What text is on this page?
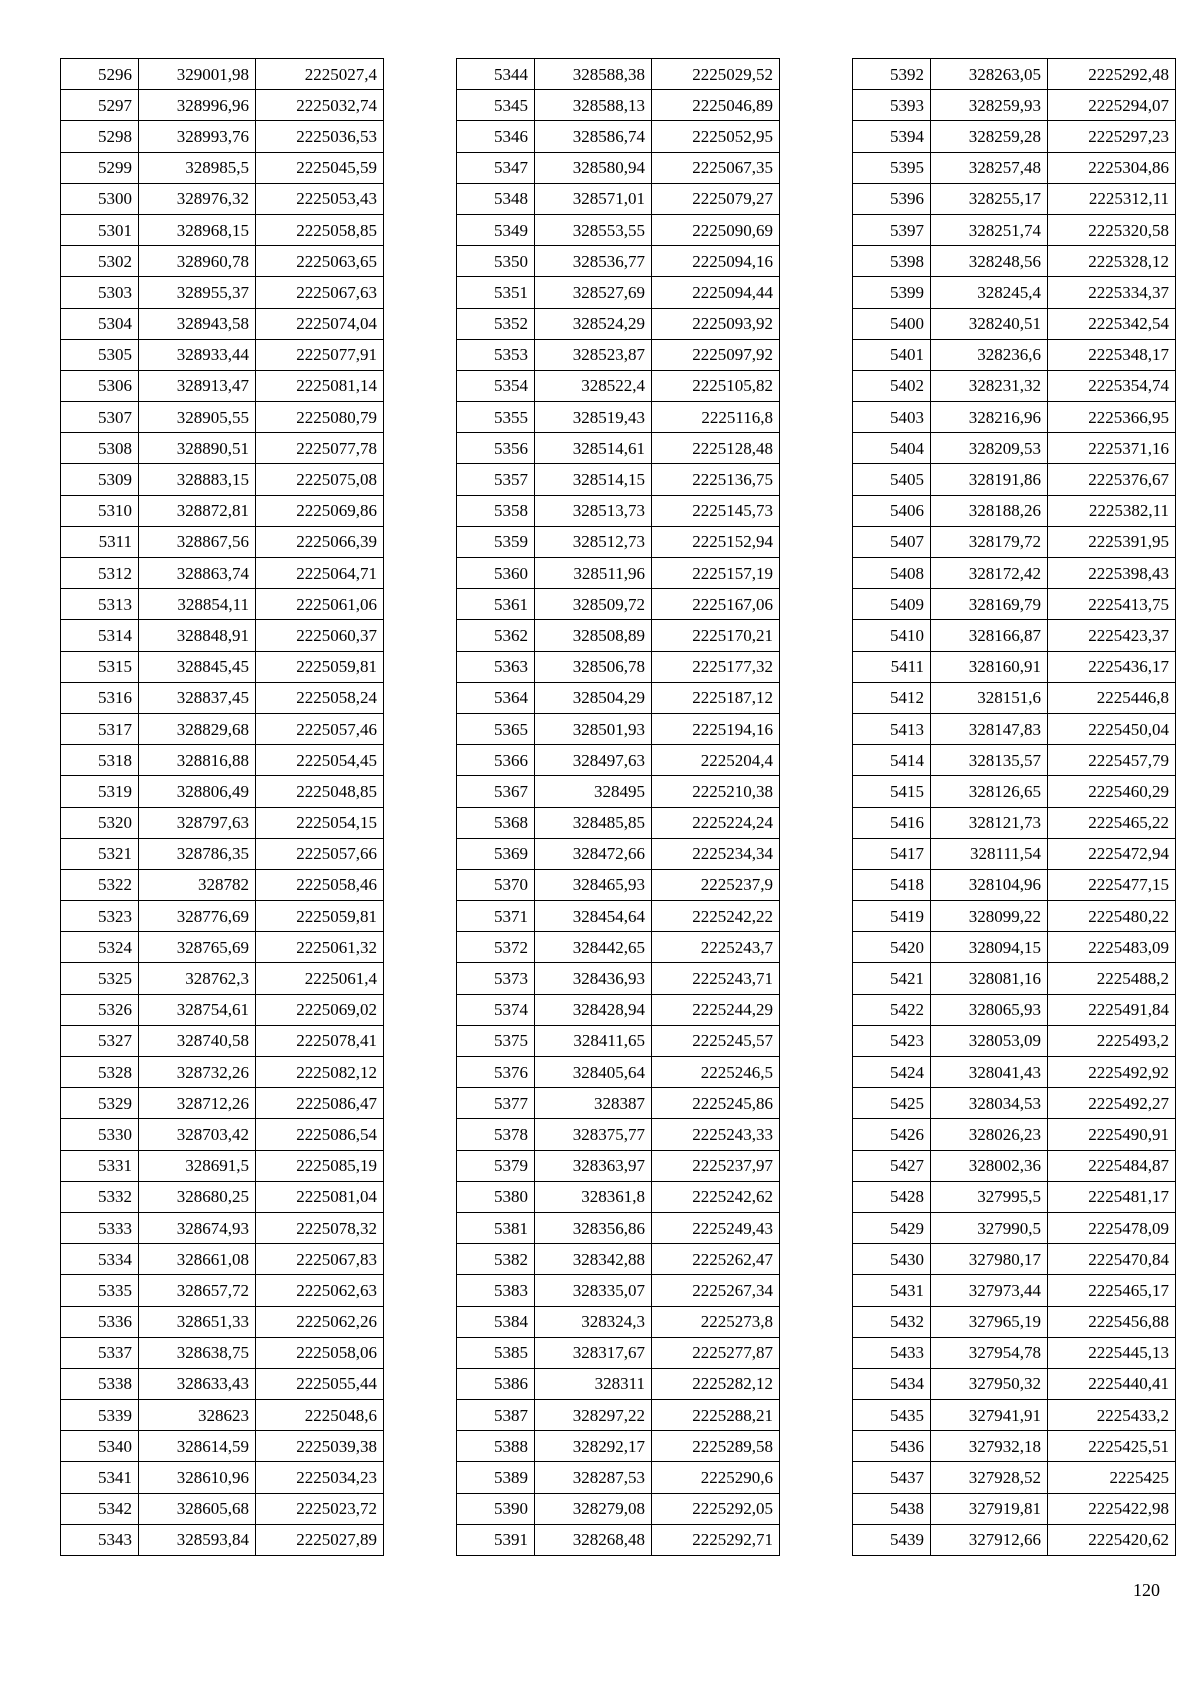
5296	329001,98	2225027,4
5297	328996,96	2225032,74
5298	328993,76	2225036,53
5299	328985,5	2225045,59
5300	328976,32	2225053,43
5301	328968,15	2225058,85
5302	328960,78	2225063,65
5303	328955,37	2225067,63
5304	328943,58	2225074,04
5305	328933,44	2225077,91
5306	328913,47	2225081,14
5307	328905,55	2225080,79
5308	328890,51	2225077,78
5309	328883,15	2225075,08
5310	328872,81	2225069,86
5311	328867,56	2225066,39
5312	328863,74	2225064,71
5313	328854,11	2225061,06
5314	328848,91	2225060,37
5315	328845,45	2225059,81
5316	328837,45	2225058,24
5317	328829,68	2225057,46
5318	328816,88	2225054,45
5319	328806,49	2225048,85
5320	328797,63	2225054,15
5321	328786,35	2225057,66
5322	328782	2225058,46
5323	328776,69	2225059,81
5324	328765,69	2225061,32
5325	328762,3	2225061,4
5326	328754,61	2225069,02
5327	328740,58	2225078,41
5328	328732,26	2225082,12
5329	328712,26	2225086,47
5330	328703,42	2225086,54
5331	328691,5	2225085,19
5332	328680,25	2225081,04
5333	328674,93	2225078,32
5334	328661,08	2225067,83
5335	328657,72	2225062,63
5336	328651,33	2225062,26
5337	328638,75	2225058,06
5338	328633,43	2225055,44
5339	328623	2225048,6
5340	328614,59	2225039,38
5341	328610,96	2225034,23
5342	328605,68	2225023,72
5343	328593,84	2225027,89
5344	328588,38	2225029,52
5345	328588,13	2225046,89
5346	328586,74	2225052,95
5347	328580,94	2225067,35
5348	328571,01	2225079,27
5349	328553,55	2225090,69
5350	328536,77	2225094,16
5351	328527,69	2225094,44
5352	328524,29	2225093,92
5353	328523,87	2225097,92
5354	328522,4	2225105,82
5355	328519,43	2225116,8
5356	328514,61	2225128,48
5357	328514,15	2225136,75
5358	328513,73	2225145,73
5359	328512,73	2225152,94
5360	328511,96	2225157,19
5361	328509,72	2225167,06
5362	328508,89	2225170,21
5363	328506,78	2225177,32
5364	328504,29	2225187,12
5365	328501,93	2225194,16
5366	328497,63	2225204,4
5367	328495	2225210,38
5368	328485,85	2225224,24
5369	328472,66	2225234,34
5370	328465,93	2225237,9
5371	328454,64	2225242,22
5372	328442,65	2225243,7
5373	328436,93	2225243,71
5374	328428,94	2225244,29
5375	328411,65	2225245,57
5376	328405,64	2225246,5
5377	328387	2225245,86
5378	328375,77	2225243,33
5379	328363,97	2225237,97
5380	328361,8	2225242,62
5381	328356,86	2225249,43
5382	328342,88	2225262,47
5383	328335,07	2225267,34
5384	328324,3	2225273,8
5385	328317,67	2225277,87
5386	328311	2225282,12
5387	328297,22	2225288,21
5388	328292,17	2225289,58
5389	328287,53	2225290,6
5390	328279,08	2225292,05
5391	328268,48	2225292,71
5392	328263,05	2225292,48
5393	328259,93	2225294,07
5394	328259,28	2225297,23
5395	328257,48	2225304,86
5396	328255,17	2225312,11
5397	328251,74	2225320,58
5398	328248,56	2225328,12
5399	328245,4	2225334,37
5400	328240,51	2225342,54
5401	328236,6	2225348,17
5402	328231,32	2225354,74
5403	328216,96	2225366,95
5404	328209,53	2225371,16
5405	328191,86	2225376,67
5406	328188,26	2225382,11
5407	328179,72	2225391,95
5408	328172,42	2225398,43
5409	328169,79	2225413,75
5410	328166,87	2225423,37
5411	328160,91	2225436,17
5412	328151,6	2225446,8
5413	328147,83	2225450,04
5414	328135,57	2225457,79
5415	328126,65	2225460,29
5416	328121,73	2225465,22
5417	328111,54	2225472,94
5418	328104,96	2225477,15
5419	328099,22	2225480,22
5420	328094,15	2225483,09
5421	328081,16	2225488,2
5422	328065,93	2225491,84
5423	328053,09	2225493,2
5424	328041,43	2225492,92
5425	328034,53	2225492,27
5426	328026,23	2225490,91
5427	328002,36	2225484,87
5428	327995,5	2225481,17
5429	327990,5	2225478,09
5430	327980,17	2225470,84
5431	327973,44	2225465,17
5432	327965,19	2225456,88
5433	327954,78	2225445,13
5434	327950,32	2225440,41
5435	327941,91	2225433,2
5436	327932,18	2225425,51
5437	327928,52	2225425
5438	327919,81	2225422,98
5439	327912,66	2225420,62
120
